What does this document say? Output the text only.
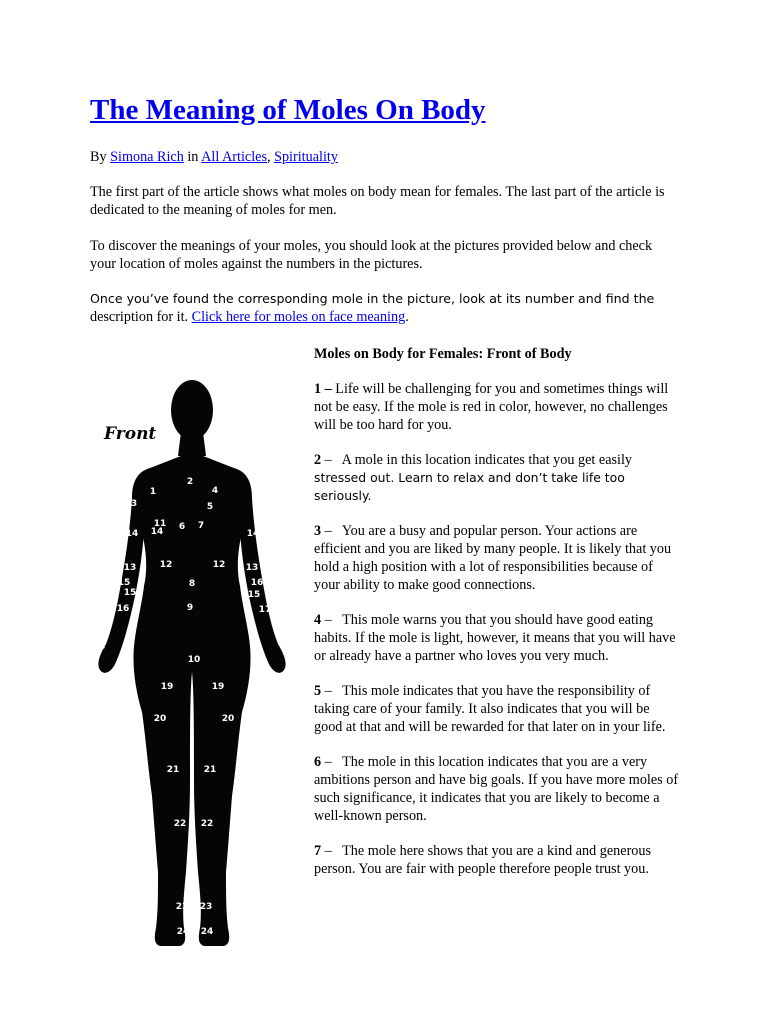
The Meaning of Moles On Body

By Simona Rich in All Articles, Spirituality

The first part of the article shows what moles on body mean for females. The last part of the article is dedicated to the meaning of moles for men.

To discover the meanings of your moles, you should look at the pictures provided below and check your location of moles against the numbers in the pictures.

Once you’ve found the corresponding mole in the picture, look at its number and find the
description for it. Click here for moles on face meaning.

Front
1
2
3
4
5
6 7
8
9
10
11
14
12	12
14	14
13	13
15	15
15	16
16	17
18
19	19
20	20
21	21
22 22
23 23
24 24

Moles on Body for Females: Front of Body

1 – Life will be challenging for you and sometimes things will not be easy. If the mole is red in color, however, no challenges will be too hard for you.

2 – A mole in this location indicates that you get easily
stressed out. Learn to relax and don’t take life too seriously.

3 – You are a busy and popular person. Your actions are efficient and you are liked by many people. It is likely that you hold a high position with a lot of responsibilities because of your ability to make good connections.

4 – This mole warns you that you should have good eating habits. If the mole is light, however, it means that you will have or already have a partner who loves you very much.

5 – This mole indicates that you have the responsibility of taking care of your family. It also indicates that you will be good at that and will be rewarded for that later on in your life.

6 – The mole in this location indicates that you are a very ambitions person and have big goals. If you have more moles of such significance, it indicates that you are likely to become a well-known person.

7 – The mole here shows that you are a kind and generous person. You are fair with people therefore people trust you.
